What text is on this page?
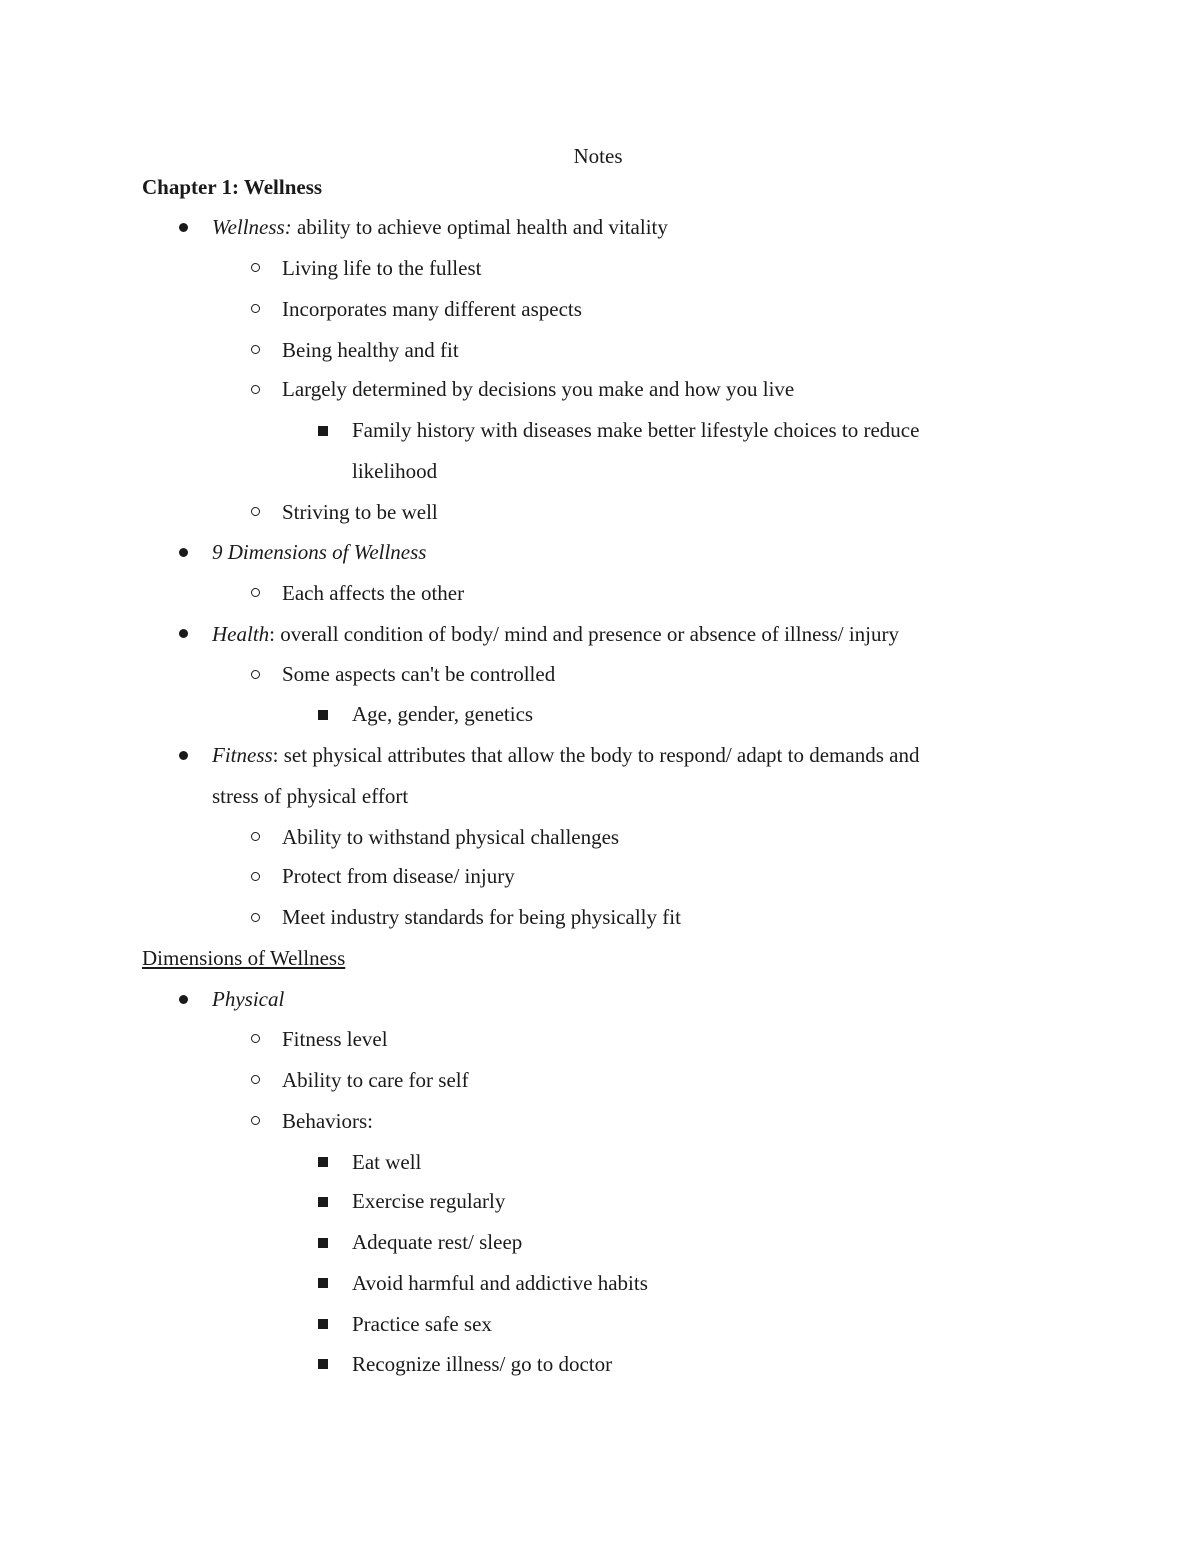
Notes
Chapter 1: Wellness
Wellness: ability to achieve optimal health and vitality
Living life to the fullest
Incorporates many different aspects
Being healthy and fit
Largely determined by decisions you make and how you live
Family history with diseases make better lifestyle choices to reduce
likelihood
Striving to be well
9 Dimensions of Wellness
Each affects the other
Health: overall condition of body/ mind and presence or absence of illness/ injury
Some aspects can't be controlled
Age, gender, genetics
Fitness: set physical attributes that allow the body to respond/ adapt to demands and
stress of physical effort
Ability to withstand physical challenges
Protect from disease/ injury
Meet industry standards for being physically fit
Dimensions of Wellness
Physical
Fitness level
Ability to care for self
Behaviors:
Eat well
Exercise regularly
Adequate rest/ sleep
Avoid harmful and addictive habits
Practice safe sex
Recognize illness/ go to doctor
